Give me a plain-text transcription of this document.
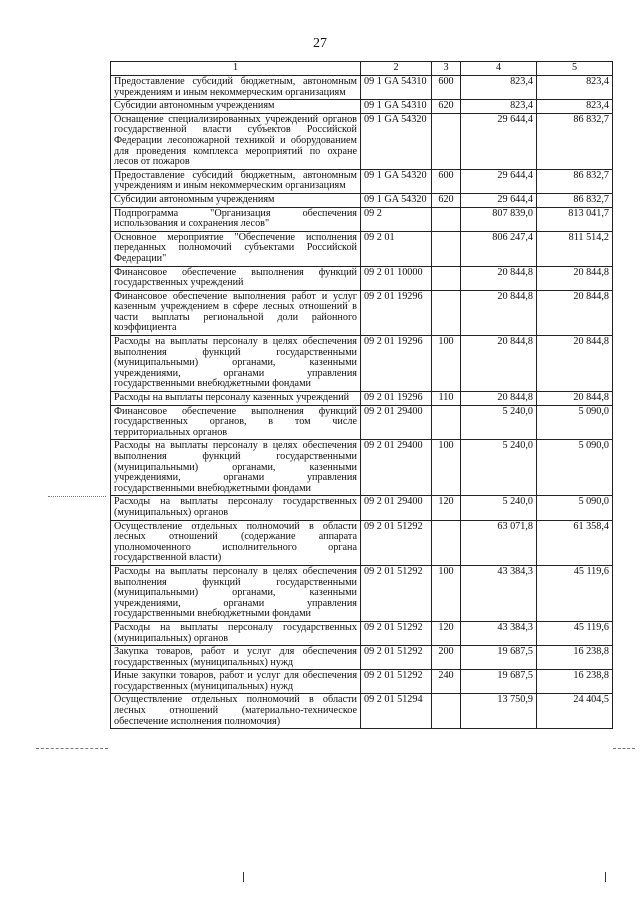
27
1	2	3	4	5
Предоставление субсидий бюджетным, автономным учреждениям и иным некоммерческим организациям	09 1 GA 54310	600	823,4	823,4
Субсидии автономным учреждениям	09 1 GA 54310	620	823,4	823,4
Оснащение специализированных учреждений органов государственной власти субъектов Российской Федерации лесопожарной техникой и оборудованием для проведения комплекса мероприятий по охране лесов от пожаров	09 1 GA 54320		29 644,4	86 832,7
Предоставление субсидий бюджетным, автономным учреждениям и иным некоммерческим организациям	09 1 GA 54320	600	29 644,4	86 832,7
Субсидии автономным учреждениям	09 1 GA 54320	620	29 644,4	86 832,7
Подпрограмма "Организация обеспечения использования и сохранения лесов"	09 2		807 839,0	813 041,7
Основное мероприятие "Обеспечение исполнения переданных полномочий субъектами Российской Федерации"	09 2 01		806 247,4	811 514,2
Финансовое обеспечение выполнения функций государственных учреждений	09 2 01 10000		20 844,8	20 844,8
Финансовое обеспечение выполнения работ и услуг казенным учреждением в сфере лесных отношений в части выплаты региональной доли районного коэффициента	09 2 01 19296		20 844,8	20 844,8
Расходы на выплаты персоналу в целях обеспечения выполнения функций государственными (муниципальными) органами, казенными учреждениями, органами управления государственными внебюджетными фондами	09 2 01 19296	100	20 844,8	20 844,8
Расходы на выплаты персоналу казенных учреждений	09 2 01 19296	110	20 844,8	20 844,8
Финансовое обеспечение выполнения функций государственных органов, в том числе территориальных органов	09 2 01 29400		5 240,0	5 090,0
Расходы на выплаты персоналу в целях обеспечения выполнения функций государственными (муниципальными) органами, казенными учреждениями, органами управления государственными внебюджетными фондами	09 2 01 29400	100	5 240,0	5 090,0
Расходы на выплаты персоналу государственных (муниципальных) органов	09 2 01 29400	120	5 240,0	5 090,0
Осуществление отдельных полномочий в области лесных отношений (содержание аппарата уполномоченного исполнительного органа государственной власти)	09 2 01 51292		63 071,8	61 358,4
Расходы на выплаты персоналу в целях обеспечения выполнения функций государственными (муниципальными) органами, казенными учреждениями, органами управления государственными внебюджетными фондами	09 2 01 51292	100	43 384,3	45 119,6
Расходы на выплаты персоналу государственных (муниципальных) органов	09 2 01 51292	120	43 384,3	45 119,6
Закупка товаров, работ и услуг для обеспечения государственных (муниципальных) нужд	09 2 01 51292	200	19 687,5	16 238,8
Иные закупки товаров, работ и услуг для обеспечения государственных (муниципальных) нужд	09 2 01 51292	240	19 687,5	16 238,8
Осуществление отдельных полномочий в области лесных отношений (материально-техническое обеспечение исполнения полномочия)	09 2 01 51294		13 750,9	24 404,5
